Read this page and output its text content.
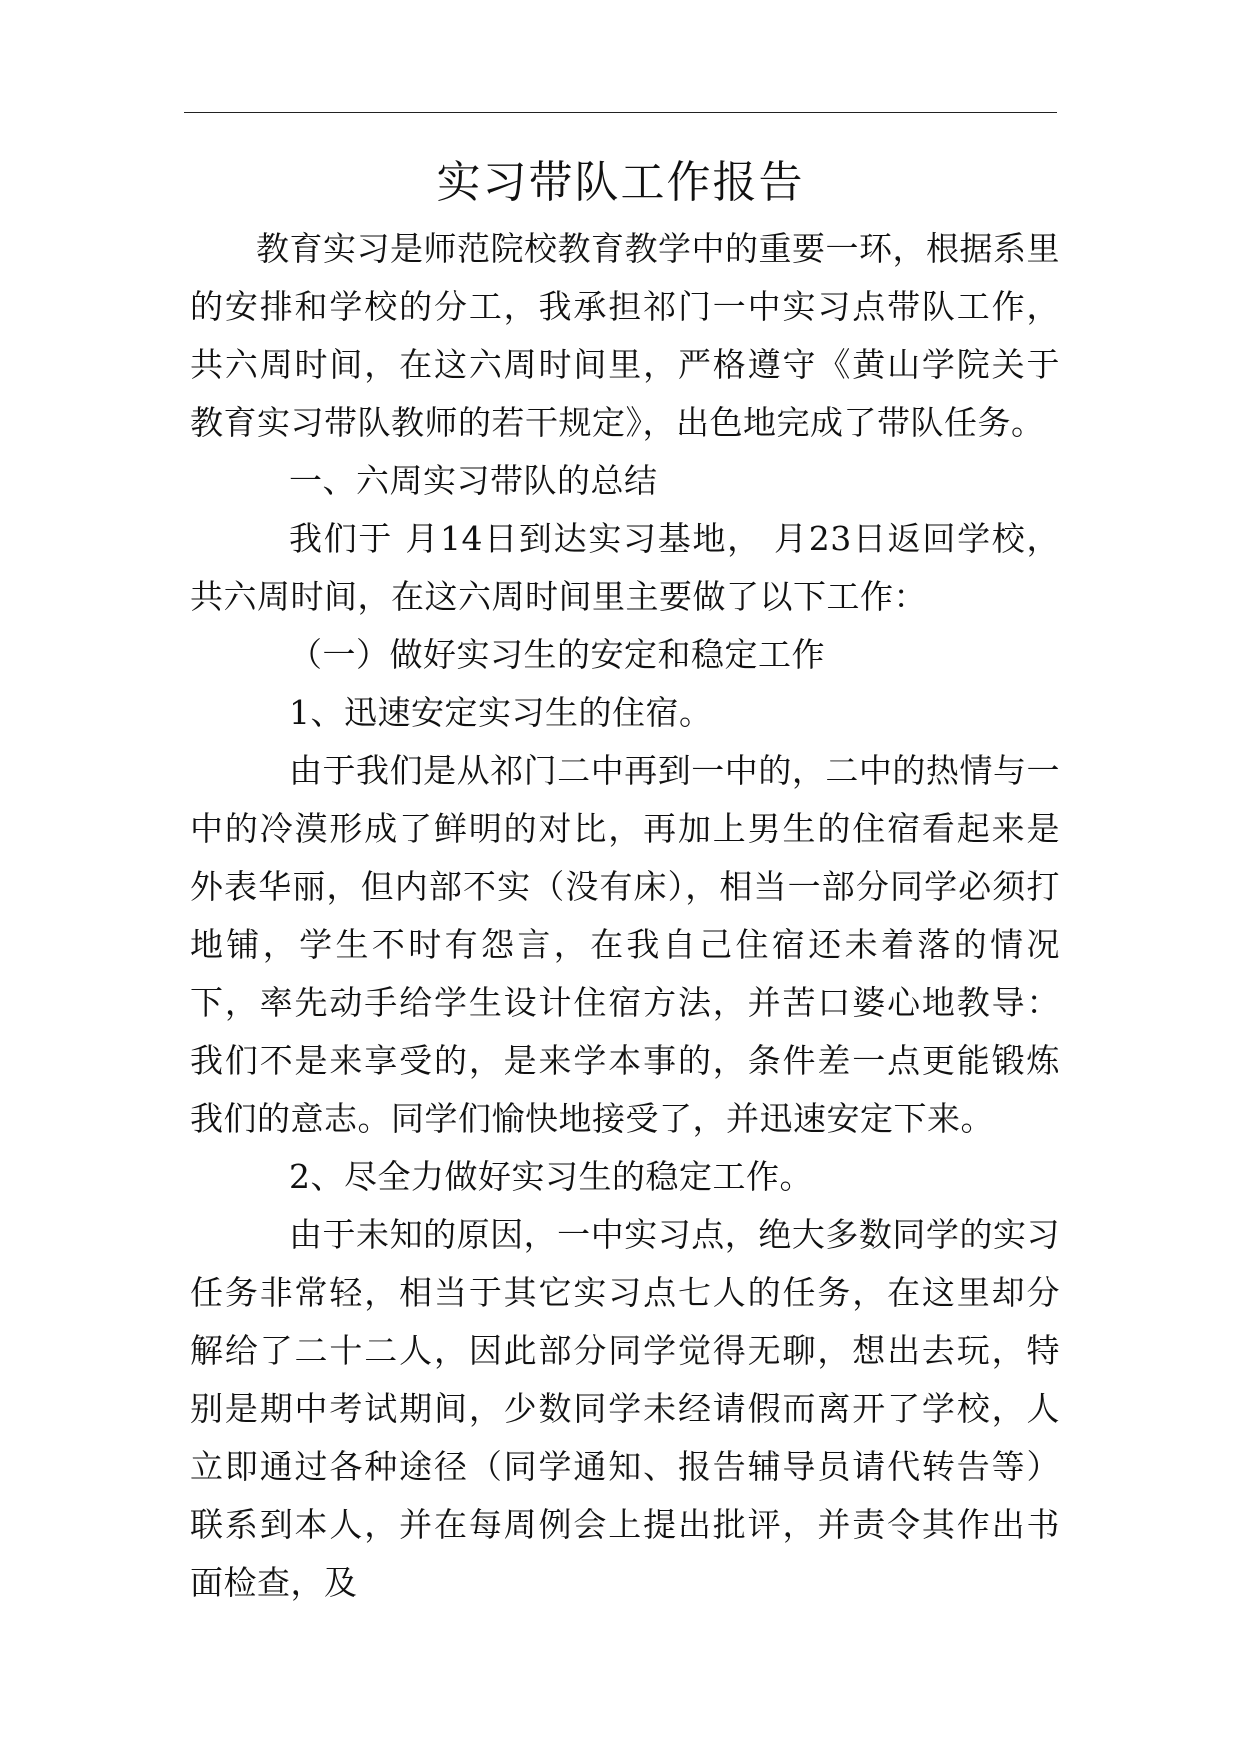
实习带队工作报告

教育实习是师范院校教育教学中的重要一环，根据系里的安排和学校的分工，我承担祁门一中实习点带队工作，共六周时间，在这六周时间里，严格遵守《黄山学院关于教育实习带队教师的若干规定》，出色地完成了带队任务。

一、六周实习带队的总结

我们于 月14日到达实习基地， 月23日返回学校，共六周时间，在这六周时间里主要做了以下工作：

（一）做好实习生的安定和稳定工作

1、迅速安定实习生的住宿。

由于我们是从祁门二中再到一中的，二中的热情与一中的冷漠形成了鲜明的对比，再加上男生的住宿看起来是外表华丽，但内部不实（没有床），相当一部分同学必须打地铺，学生不时有怨言，在我自己住宿还未着落的情况下，率先动手给学生设计住宿方法，并苦口婆心地教导：我们不是来享受的，是来学本事的，条件差一点更能锻炼我们的意志。同学们愉快地接受了，并迅速安定下来。

2、尽全力做好实习生的稳定工作。

由于未知的原因，一中实习点，绝大多数同学的实习任务非常轻，相当于其它实习点七人的任务，在这里却分解给了二十二人，因此部分同学觉得无聊，想出去玩，特别是期中考试期间，少数同学未经请假而离开了学校，人立即通过各种途径（同学通知、报告辅导员请代转告等）联系到本人，并在每周例会上提出批评，并责令其作出书面检查，及
